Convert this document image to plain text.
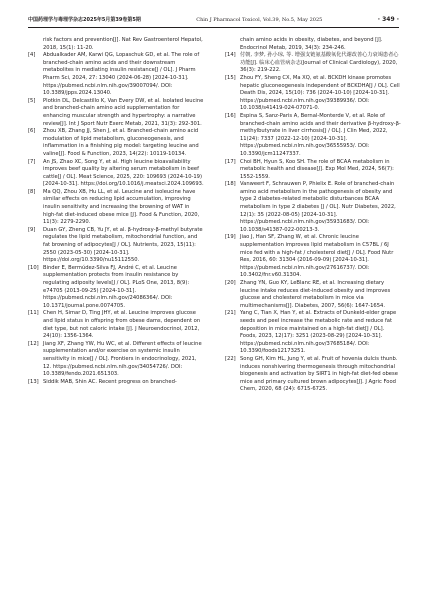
中国药理学与毒理学杂志2025年5月第39卷第5期	Chin J Pharmacol Toxicol, Vol.39, No.5, May 2025	· 349 ·
risk factors and prevention[J]. Nat Rev Gastroenterol Hepatol, 2018, 15(1): 11-20.
[4] Abdualkader AM, Karwi QG, Lopaschuk GD, et al. The role of branched-chain amino acids and their downstream metabolites in mediating insulin resistance[J / OL]. J Pharm Pharm Sci, 2024, 27: 13040 (2024-06-28) [2024-10-31]. https://pubmed.ncbi.nlm.nih.gov/39007094/. DOI: 10.3389/jpps.2024.13040.
[5] Plotkin DL, Delcastillo K, Van Every DW, et al. Isolated leucine and branched-chain amino acid supplementation for enhancing muscular strength and hypertrophy: a narrative review[J]. Int J Sport Nutr Exerc Metab, 2021, 31(3): 292-301.
[6] Zhou XB, Zhang JJ, Shen J, et al. Branched-chain amino acid modulation of lipid metabolism, gluconeogenesis, and inflammation in a finishing pig model: targeting leucine and valine[J]. Food & Function, 2023, 14(22): 10119-10134.
[7] An JS, Zhao XC, Song Y, et al. High leucine bioavailability improves beef quality by altering serum metabolism in beef cattle[J / OL]. Meat Science, 2025, 220: 109693 (2024-10-19) [2024-10-31]. https://doi.org/10.1016/j.meatsci.2024.109693.
[8] Ma QQ, Zhou XB, Hu LL, et al. Leucine and isoleucine have similar effects on reducing lipid accumulation, improving insulin sensitivity and increasing the browning of WAT in high-fat diet-induced obese mice [J]. Food & Function, 2020, 11(3): 2279-2290.
[9] Duan GY, Zheng CB, Yu JY, et al. β-hydroxy-β-methyl butyrate regulates the lipid metabolism, mitochondrial function, and fat browning of adipocytes[J / OL]. Nutrients, 2023, 15(11): 2550 (2023-05-30) [2024-10-31]. https://doi.org/10.3390/nu15112550.
[10] Binder E, Bermúdez-Silva FJ, André C, et al. Leucine supplementation protects from insulin resistance by regulating adiposity levels[J / OL]. PLoS One, 2013, 8(9): e74705 (2013-09-25) [2024-10-31]. https://pubmed.ncbi.nlm.nih.gov/24086364/. DOI: 10.1371/journal.pone.0074705.
[11] Chen H, Simar D, Ting JHY, et al. Leucine improves glucose and lipid status in offspring from obese dams, dependent on diet type, but not caloric intake [J]. J Neuroendocrinol, 2012, 24(10): 1356-1364.
[12] Jiang XF, Zhang YW, Hu WC, et al. Different effects of leucine supplementation and/or exercise on systemic insulin sensitivity in mice[J / OL]. Frontiers in endocrinology, 2021, 12. https://pubmed.ncbi.nlm.nih.gov/34054726/. DOI: 10.3389/fendo.2021.651303.
[13] Siddik MAB, Shin AC. Recent progress on branched-
chain amino acids in obesity, diabetes, and beyond [J]. Endocrinol Metab, 2019, 34(3): 234-246.
[14] 付朝, 李梦, 孙小琼, 等. 增强支链氨基酸氧化代谢改善心力衰竭患者心功能[J]. 临床心血管病杂志(Journal of Clinical Cardiology), 2020, 36(3): 219-222.
[15] Zhou FY, Sheng CX, Ma XQ, et al. BCKDH kinase promotes hepatic gluconeogenesis independent of BCKDHA[J / OL]. Cell Death Dis, 2024, 15(10): 736 (2024-10-10) [2024-10-31]. https://pubmed.ncbi.nlm.nih.gov/39389936/. DOI: 10.1038/s41419-024-07071-0.
[16] Espina S, Sanz-Paris A, Bernal-Monterde V, et al. Role of branched-chain amino acids and their derivative β-hydroxy-β-methylbutyrate in liver cirrhosis[J / OL]. J Clin Med, 2022, 11(24): 7337 (2022-12-10) [2024-10-31]. https://pubmed.ncbi.nlm.nih.gov/36555953/. DOI: 10.3390/jcm11247337.
[17] Choi BH, Hyun S, Koo SH. The role of BCAA metabolism in metabolic health and disease[J]. Exp Mol Med, 2024, 56(7): 1552-1559.
[18] Vanweert F, Schrauwen P, Phielix E. Role of branched-chain amino acid metabolism in the pathogenesis of obesity and type 2 diabetes-related metabolic disturbances BCAA metabolism in type 2 diabetes [J / OL]. Nutr Diabetes, 2022, 12(1): 35 (2022-08-05) [2024-10-31]. https://pubmed.ncbi.nlm.nih.gov/35931683/. DOI: 10.1038/s41387-022-00213-3.
[19] Jiao J, Han SF, Zhang W, et al. Chronic leucine supplementation improves lipid metabolism in C57BL / 6J mice fed with a high-fat / cholesterol diet[J / OL]. Food Nutr Res, 2016, 60: 31304 (2016-09-09) [2024-10-31]. https://pubmed.ncbi.nlm.nih.gov/27616737/. DOI: 10.3402/fnr.v60.31304.
[20] Zhang YN, Guo KY, LeBlanc RE, et al. Increasing dietary leucine intake reduces diet-induced obesity and improves glucose and cholesterol metabolism in mice via multimechanisms[J]. Diabetes, 2007, 56(6): 1647-1654.
[21] Yang C, Tian X, Han Y, et al. Extracts of Dunkeld-elder grape seeds and peel increase the metabolic rate and reduce fat deposition in mice maintained on a high-fat diet[J / OL]. Foods, 2023, 12(17): 3251 (2023-08-29) [2024-10-31]. https://pubmed.ncbi.nlm.nih.gov/37685184/. DOI: 10.3390/foods12173251.
[22] Song GH, Kim HL, Jung Y, et al. Fruit of hovenia dulcis thunb. induces nonshivering thermogenesis through mitochondrial biogenesis and activation by SIRT1 in high-fat diet-fed obese mice and primary cultured brown adipocytes[J]. J Agric Food Chem, 2020, 68 (24): 6715-6725.
